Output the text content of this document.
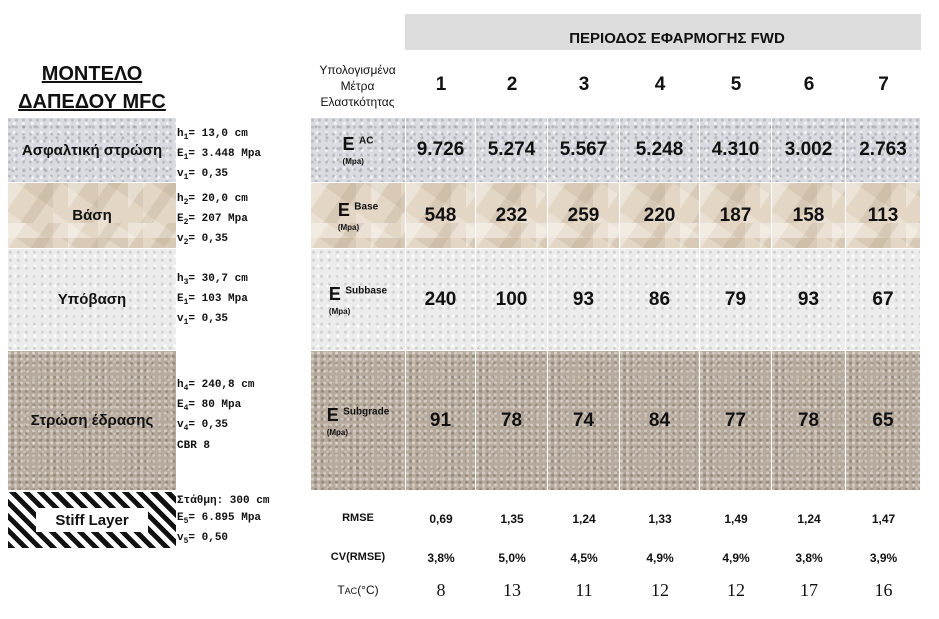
ΠΕΡΙΟΔΟΣ ΕΦΑΡΜΟΓΗΣ FWD
ΜΟΝΤΕΛΟ
ΔΑΠΕΔΟΥ MFC
Υπολογισμένα
Μέτρα
Ελαστκότητας
1	2	3	4	5	6	7
Ασφαλτική στρώση
$h_1= 13,0$ cm
$E_1= 3.448$ Mpa
$v_1= 0,35$
E $^{AC}$
(Mpa)
9.726	5.274	5.567	5.248	4.310	3.002	2.763
Βάση
$h_2= 20,0$ cm
$E_2= 207$ Mpa
$v_2= 0,35$
E $^{Base}$
(Mpa)
548	232	259	220	187	158	113
Υπόβαση
$h_3= 30,7$ cm
$E_1= 103$ Mpa
$v_1= 0,35$
E $^{Subbase}$
(Mpa)
240	100	93	86	79	93	67
Στρώση έδρασης
$h_4= 240,8$ cm
$E_4= 80$ Mpa
$v_4= 0,35$
CBR 8
E $^{Subgrade}$
(Mpa)
91	78	74	84	77	78	65
Stiff Layer
Στάθμη: 300 cm
$E_5= 6.895$ Mpa
$v_5= 0,50$
RMSE	0,69	1,35	1,24	1,33	1,49	1,24	1,47
CV(RMSE)	3,8%	5,0%	4,5%	4,9%	4,9%	3,8%	3,9%
TAC(°C)	8	13	11	12	12	17	16
